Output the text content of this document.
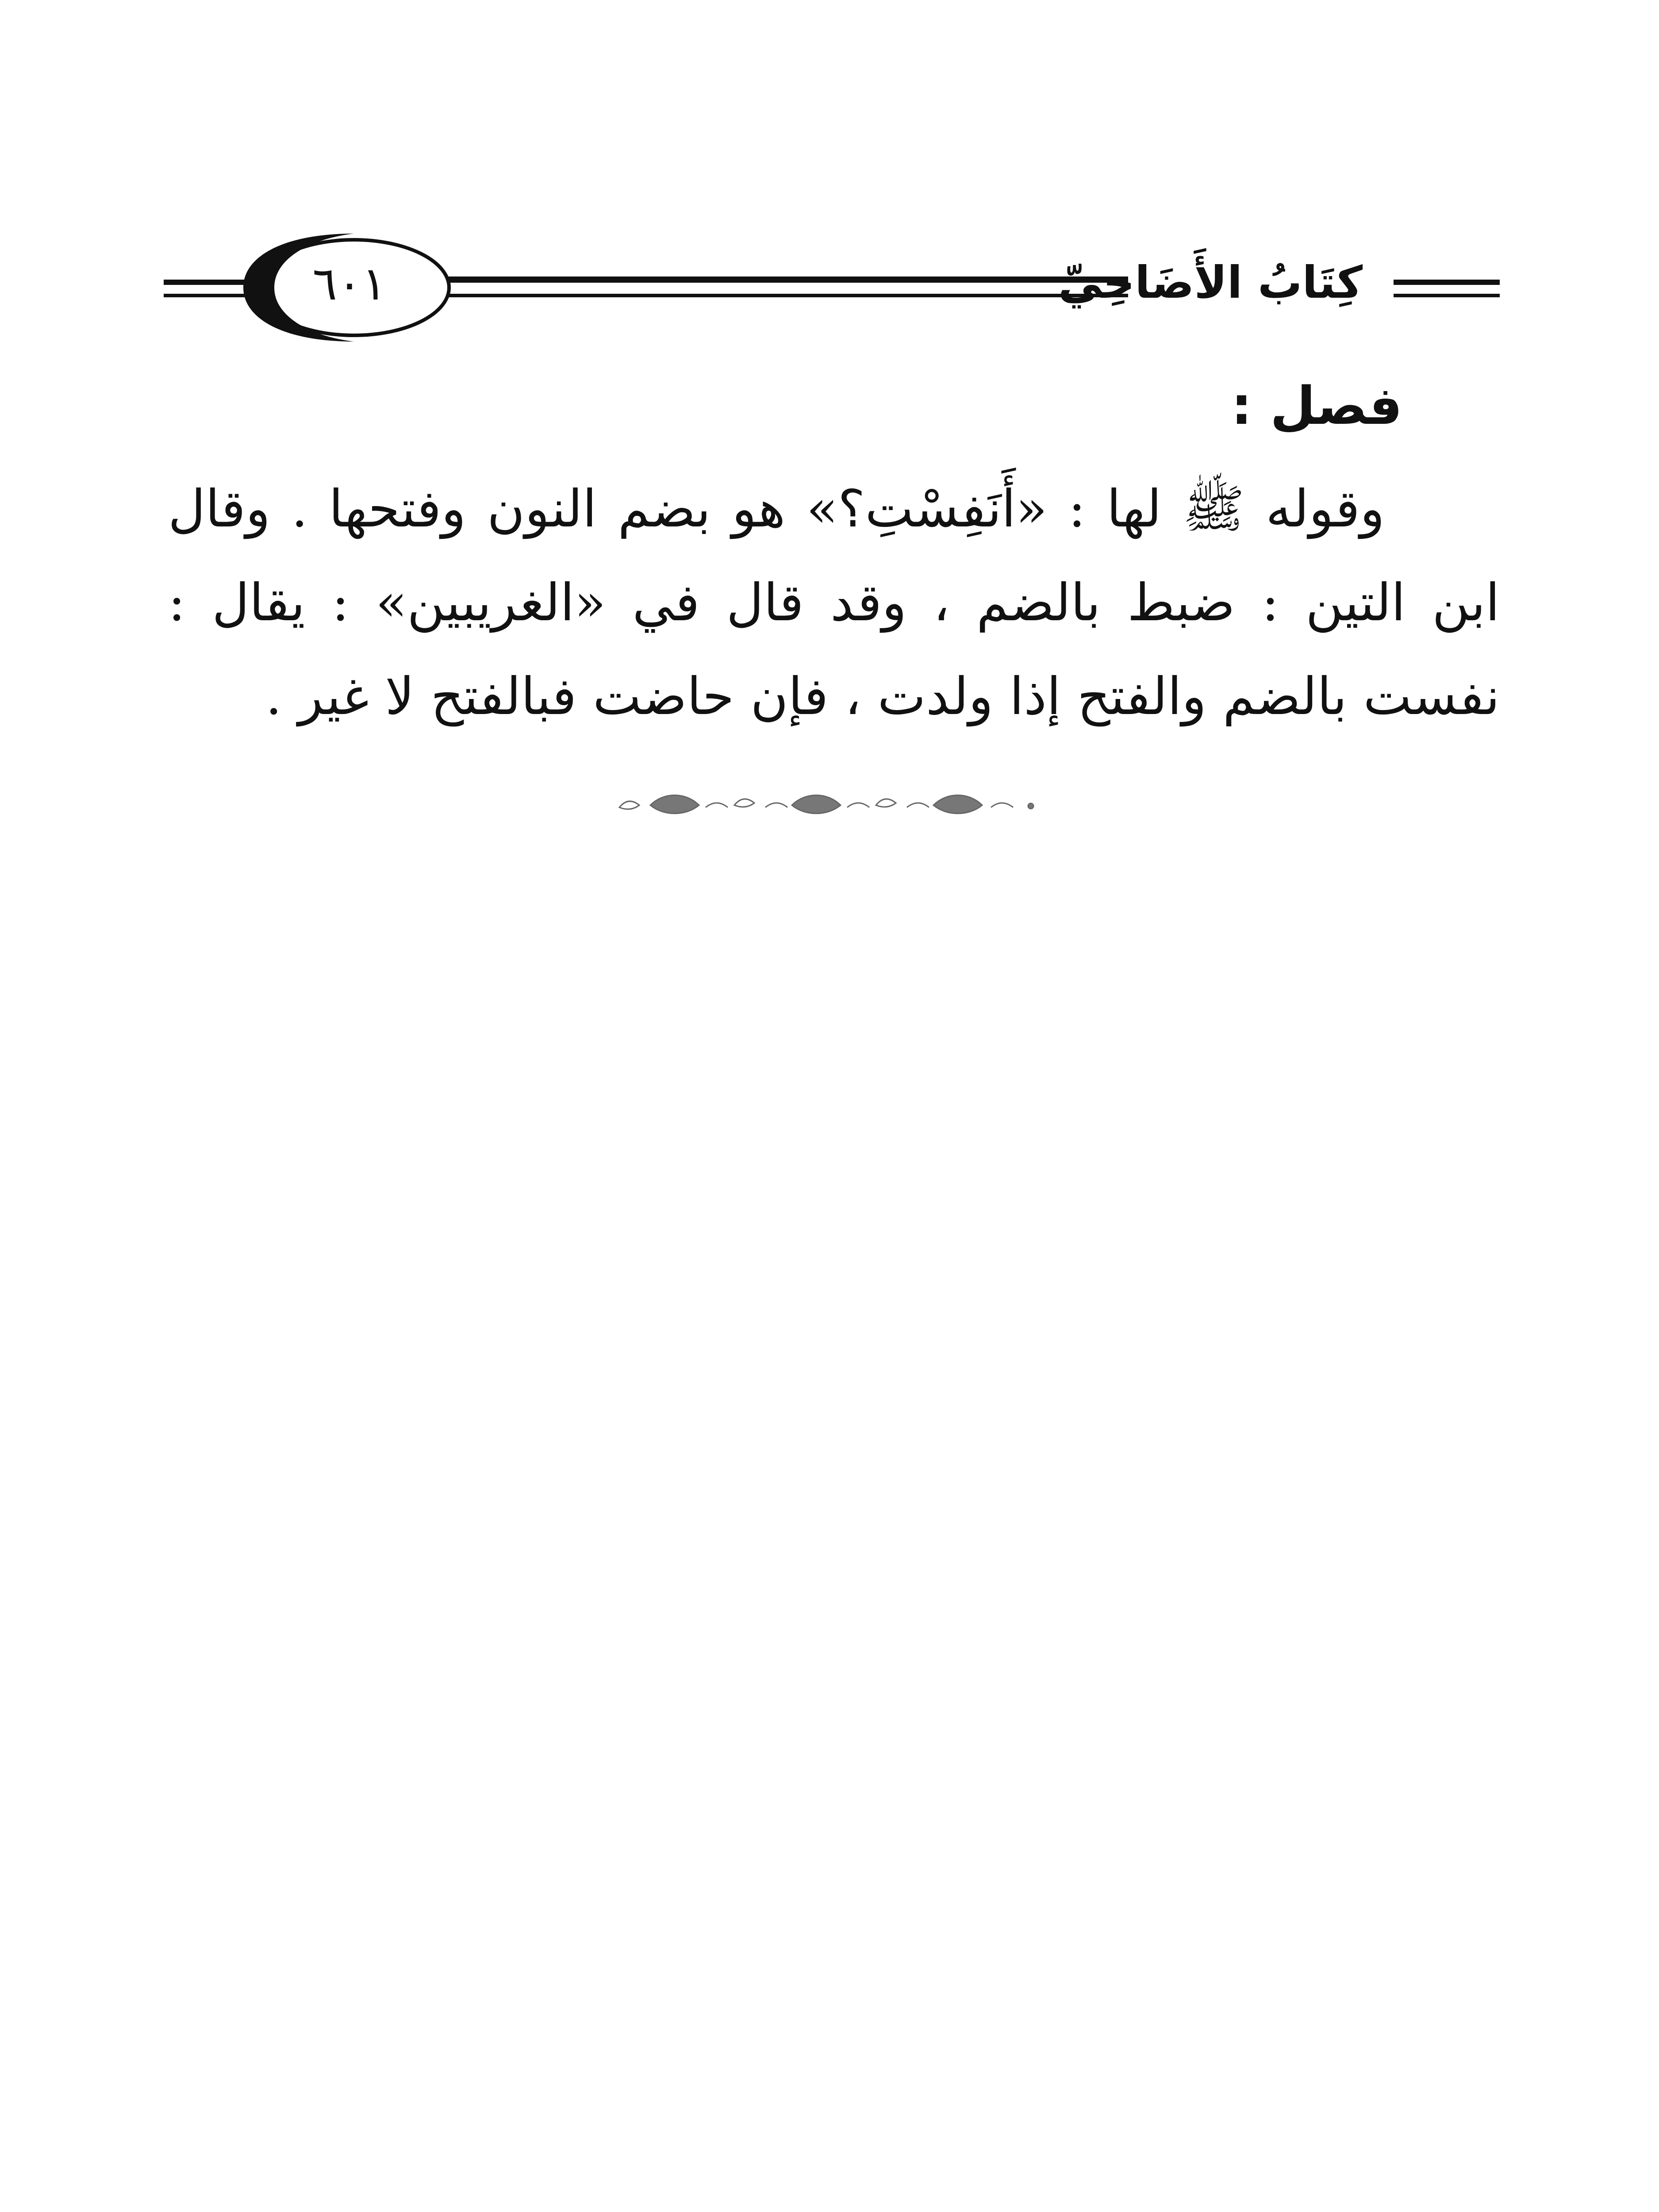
كِتَابُ الأَضَاحِيِّ
٦٠١
فصل :
وقوله ﷺ لها : «أَنَفِسْتِ؟» هو بضم النون وفتحها . وقال ابن التين : ضبط بالضم ، وقد قال في «الغريبين» : يقال : نفست بالضم والفتح إذا ولدت ، فإن حاضت فبالفتح لا غير .
